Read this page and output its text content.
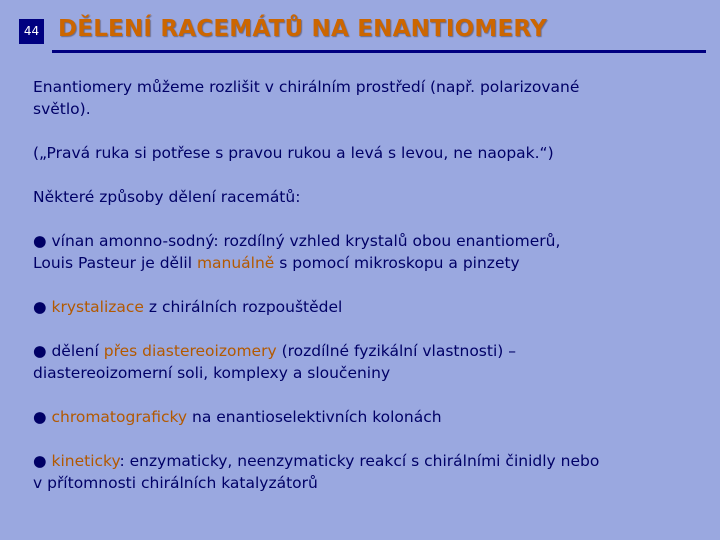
44 DĚLENÍ RACEMÁTŮ NA ENANTIOMERY

Enantiomery můžeme rozlišit v chirálním prostředí (např. polarizované
světlo).

(„Pravá ruka si potřese s pravou rukou a levá s levou, ne naopak.“)

Některé způsoby dělení racemátů:

● vínan amonno-sodný: rozdílný vzhled krystalů obou enantiomerů,
Louis Pasteur je dělil manuálně s pomocí mikroskopu a pinzety

● krystalizace z chirálních rozpouštědel

● dělení přes diastereoizomery (rozdílné fyzikální vlastnosti) –
diastereoizomerní soli, komplexy a sloučeniny

● chromatograficky na enantioselektivních kolonách

● kineticky: enzymaticky, neenzymaticky reakcí s chirálními činidly nebo
v přítomnosti chirálních katalyzátorů
